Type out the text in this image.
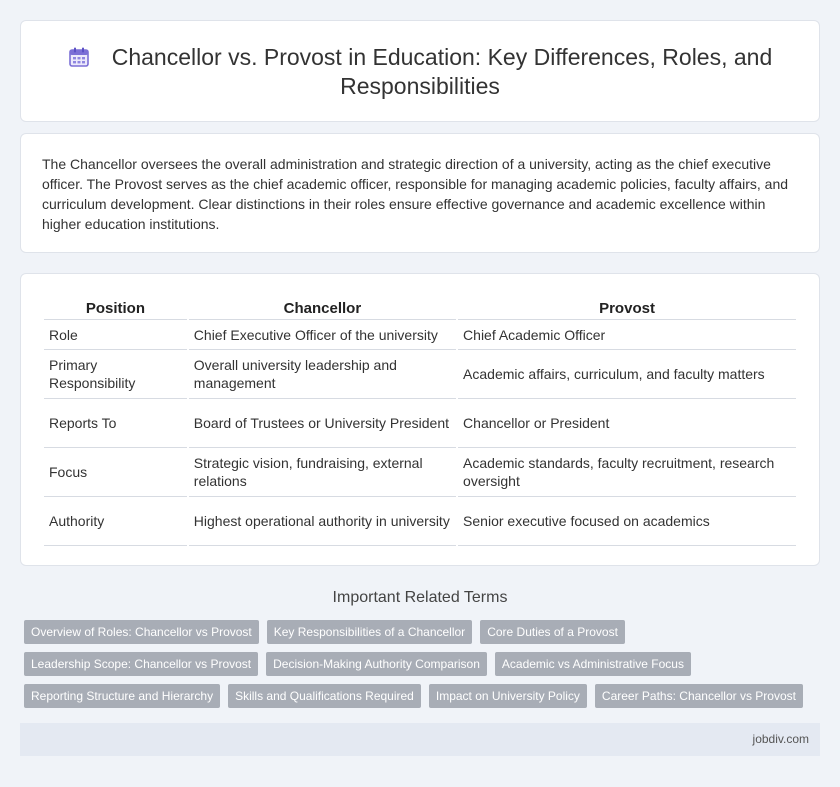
Chancellor vs. Provost in Education: Key Differences, Roles, and Responsibilities

The Chancellor oversees the overall administration and strategic direction of a university, acting as the chief executive officer. The Provost serves as the chief academic officer, responsible for managing academic policies, faculty affairs, and curriculum development. Clear distinctions in their roles ensure effective governance and academic excellence within higher education institutions.

Position	Chancellor	Provost
Role	Chief Executive Officer of the university	Chief Academic Officer
Primary Responsibility	Overall university leadership and management	Academic affairs, curriculum, and faculty matters
Reports To	Board of Trustees or University President	Chancellor or President
Focus	Strategic vision, fundraising, external relations	Academic standards, faculty recruitment, research oversight
Authority	Highest operational authority in university	Senior executive focused on academics
Important Related Terms
Overview of Roles: Chancellor vs Provost	Key Responsibilities of a Chancellor	Core Duties of a Provost
Leadership Scope: Chancellor vs Provost	Decision-Making Authority Comparison	Academic vs Administrative Focus
Reporting Structure and Hierarchy	Skills and Qualifications Required	Impact on University Policy	Career Paths: Chancellor vs Provost
jobdiv.com
